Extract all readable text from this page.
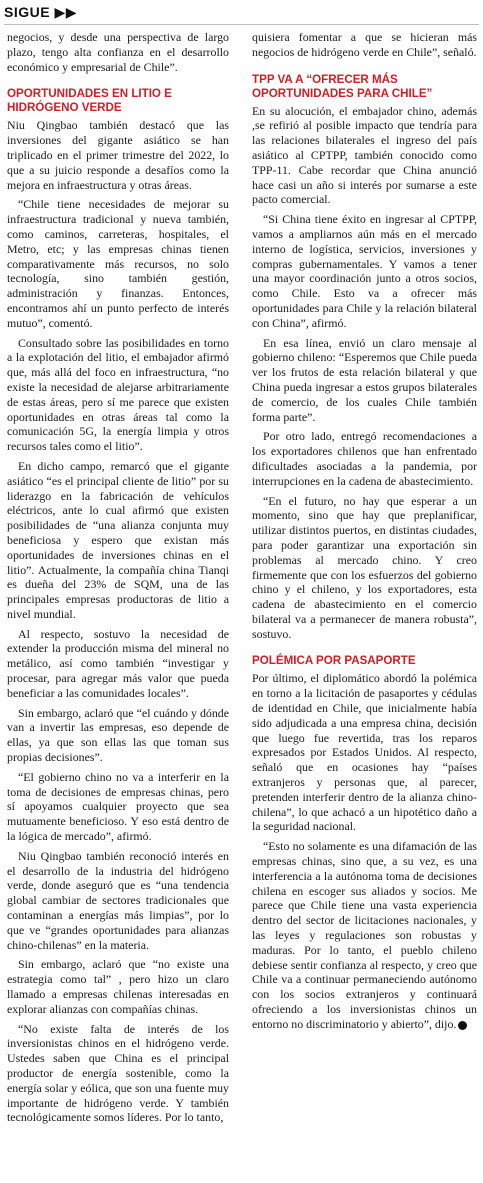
SIGUE ▶▶

negocios, y desde una perspectiva de largo plazo, tengo alta confianza en el desarrollo económico y empresarial de Chile”.

OPORTUNIDADES EN LITIO E HIDRÓGENO VERDE

Niu Qingbao también destacó que las inversiones del gigante asiático se han triplicado en el primer trimestre del 2022, lo que a su juicio responde a desafíos como la mejora en infraestructura y otras áreas.

“Chile tiene necesidades de mejorar su infraestructura tradicional y nueva también, como caminos, carreteras, hospitales, el Metro, etc; y las empresas chinas tienen comparativamente más recursos, no solo tecnología, sino también gestión, administración y finanzas. Entonces, encontramos ahí un punto perfecto de interés mutuo”, comentó.

Consultado sobre las posibilidades en torno a la explotación del litio, el embajador afirmó que, más allá del foco en infraestructura, “no existe la necesidad de alejarse arbitrariamente de estas áreas, pero sí me parece que existen oportunidades en otras áreas tal como la comunicación 5G, la energía limpia y otros recursos tales como el litio”.

En dicho campo, remarcó que el gigante asiático “es el principal cliente de litio” por su liderazgo en la fabricación de vehículos eléctricos, ante lo cual afirmó que existen posibilidades de “una alianza conjunta muy beneficiosa y espero que existan más oportunidades de inversiones chinas en el litio”. Actualmente, la compañía china Tianqi es dueña del 23% de SQM, una de las principales empresas productoras de litio a nivel mundial.

Al respecto, sostuvo la necesidad de extender la producción misma del mineral no metálico, así como también “investigar y procesar, para agregar más valor que pueda beneficiar a las comunidades locales”.

Sin embargo, aclaró que “el cuándo y dónde van a invertir las empresas, eso depende de ellas, ya que son ellas las que toman sus propias decisiones”.

“El gobierno chino no va a interferir en la toma de decisiones de empresas chinas, pero sí apoyamos cualquier proyecto que sea mutuamente beneficioso. Y eso está dentro de la lógica de mercado”, afirmó.

Niu Qingbao también reconoció interés en el desarrollo de la industria del hidrógeno verde, donde aseguró que es “una tendencia global cambiar de sectores tradicionales que contaminan a energías más limpias”, por lo que ve “grandes oportunidades para alianzas chino-chilenas” en la materia.

Sin embargo, aclaró que “no existe una estrategia como tal” , pero hizo un claro llamado a empresas chilenas interesadas en explorar alianzas con compañías chinas.

“No existe falta de interés de los inversionistas chinos en el hidrógeno verde. Ustedes saben que China es el principal productor de energía sostenible, como la energía solar y eólica, que son una fuente muy importante de hidrógeno verde. Y también tecnológicamente somos líderes. Por lo tanto,

quisiera fomentar a que se hicieran más negocios de hidrógeno verde en Chile”, señaló.

TPP VA A “OFRECER MÁS OPORTUNIDADES PARA CHILE”

En su alocución, el embajador chino, además ,se refirió al posible impacto que tendría para las relaciones bilaterales el ingreso del país asiático al CPTPP, también conocido como TPP-11. Cabe recordar que China anunció hace casi un año si interés por sumarse a este pacto comercial.

“Si China tiene éxito en ingresar al CPTPP, vamos a ampliarnos aún más en el mercado interno de logística, servicios, inversiones y compras gubernamentales. Y vamos a tener una mayor coordinación junto a otros socios, como Chile. Esto va a ofrecer más oportunidades para Chile y la relación bilateral con China”, afirmó.

En esa línea, envió un claro mensaje al gobierno chileno: “Esperemos que Chile pueda ver los frutos de esta relación bilateral y que China pueda ingresar a estos grupos bilaterales de comercio, de los cuales Chile también forma parte”.

Por otro lado, entregó recomendaciones a los exportadores chilenos que han enfrentado dificultades asociadas a la pandemia, por interrupciones en la cadena de abastecimiento.

“En el futuro, no hay que esperar a un momento, sino que hay que preplanificar, utilizar distintos puertos, en distintas ciudades, para poder garantizar una exportación sin problemas al mercado chino. Y creo firmemente que con los esfuerzos del gobierno chino y el chileno, y los exportadores, esta cadena de abastecimiento en el comercio bilateral va a permanecer de manera robusta”, sostuvo.

POLÉMICA POR PASAPORTE

Por último, el diplomático abordó la polémica en torno a la licitación de pasaportes y cédulas de identidad en Chile, que inicialmente había sido adjudicada a una empresa china, decisión que luego fue revertida, tras los reparos expresados por Estados Unidos. Al respecto, señaló que en ocasiones hay “países extranjeros y personas que, al parecer, pretenden interferir dentro de la alianza chino-chilena”, lo que achacó a un hipotético daño a la seguridad nacional.

“Esto no solamente es una difamación de las empresas chinas, sino que, a su vez, es una interferencia a la autónoma toma de decisiones chilena en escoger sus aliados y socios. Me parece que Chile tiene una vasta experiencia dentro del sector de licitaciones nacionales, y las leyes y regulaciones son robustas y maduras. Por lo tanto, el pueblo chileno debiese sentir confianza al respecto, y creo que Chile va a continuar permaneciendo autónomo con los socios extranjeros y continuará ofreciendo a los inversionistas chinos un entorno no discriminatorio y abierto”, dijo.
